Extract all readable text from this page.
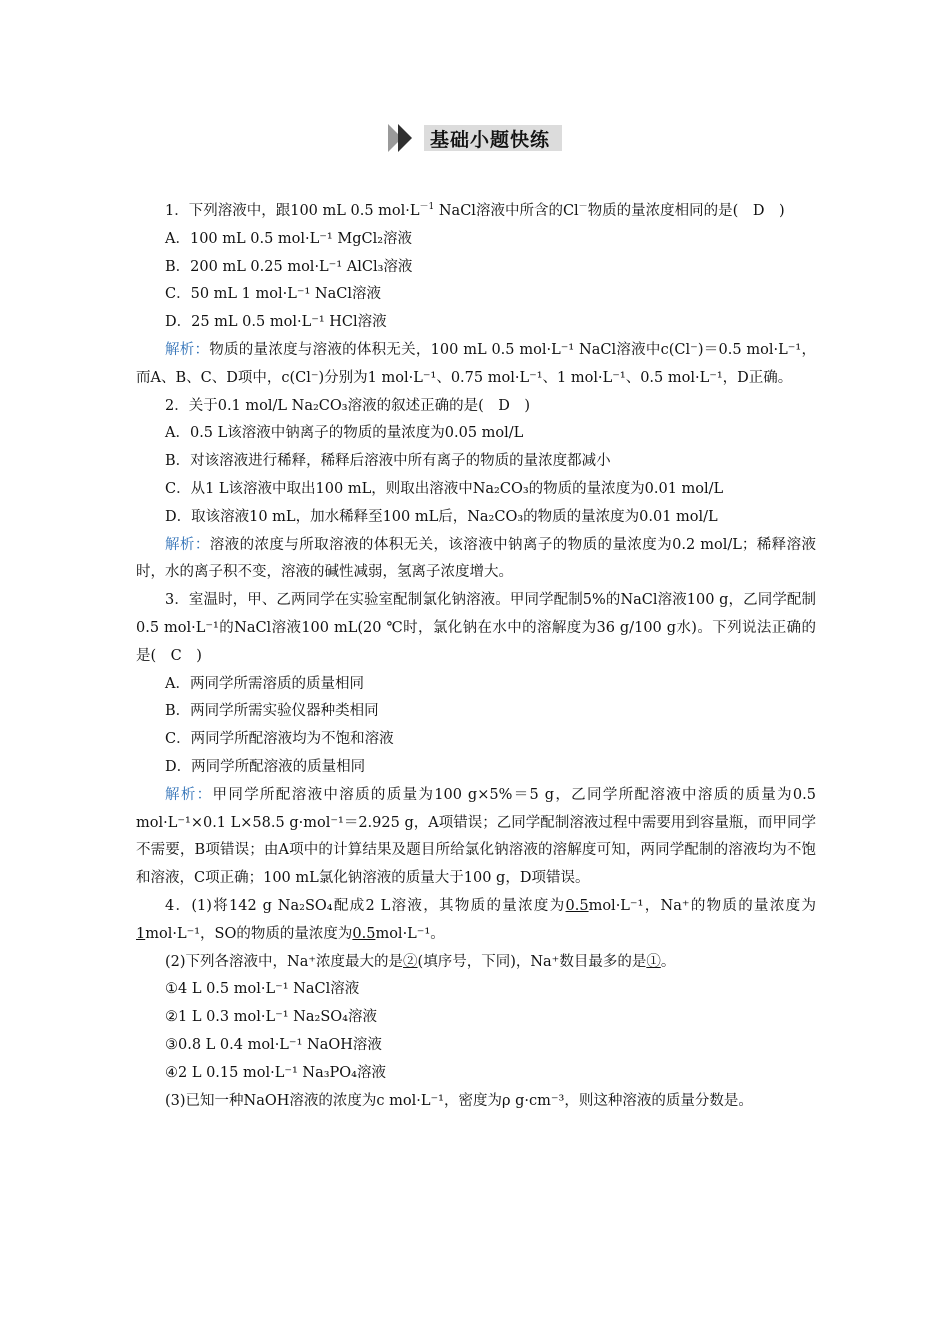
基础小题快练

1．下列溶液中，跟100 mL 0.5 $mol\cdot L^{-1}$ NaCl溶液中所含的Cl－物质的量浓度相同的是(　D　)

A．100 mL 0.5 mol·L⁻¹ MgCl₂溶液

B．200 mL 0.25 mol·L⁻¹ AlCl₃溶液

C．50 mL 1 mol·L⁻¹ NaCl溶液

D．25 mL 0.5 mol·L⁻¹ HCl溶液

解析：物质的量浓度与溶液的体积无关，100 mL 0.5 mol·L⁻¹ NaCl溶液中c(Cl⁻)＝0.5 mol·L⁻¹，而A、B、C、D项中，c(Cl⁻)分别为1 mol·L⁻¹、0.75 mol·L⁻¹、1 mol·L⁻¹、0.5 mol·L⁻¹，D正确。

2．关于0.1 mol/L Na₂CO₃溶液的叙述正确的是(　D　)

A．0.5 L该溶液中钠离子的物质的量浓度为0.05 mol/L

B．对该溶液进行稀释，稀释后溶液中所有离子的物质的量浓度都减小

C．从1 L该溶液中取出100 mL，则取出溶液中Na₂CO₃的物质的量浓度为0.01 mol/L

D．取该溶液10 mL，加水稀释至100 mL后，Na₂CO₃的物质的量浓度为0.01 mol/L

解析：溶液的浓度与所取溶液的体积无关，该溶液中钠离子的物质的量浓度为0.2 mol/L；稀释溶液时，水的离子积不变，溶液的碱性减弱，氢离子浓度增大。

3．室温时，甲、乙两同学在实验室配制氯化钠溶液。甲同学配制5%的NaCl溶液100 g，乙同学配制0.5 mol·L⁻¹的NaCl溶液100 mL(20 ℃时，氯化钠在水中的溶解度为36 g/100 g水)。下列说法正确的是(　C　)

A．两同学所需溶质的质量相同

B．两同学所需实验仪器种类相同

C．两同学所配溶液均为不饱和溶液

D．两同学所配溶液的质量相同

解析：甲同学所配溶液中溶质的质量为100 g×5%＝5 g，乙同学所配溶液中溶质的质量为0.5 mol·L⁻¹×0.1 L×58.5 g·mol⁻¹＝2.925 g，A项错误；乙同学配制溶液过程中需要用到容量瓶，而甲同学不需要，B项错误；由A项中的计算结果及题目所给氯化钠溶液的溶解度可知，两同学配制的溶液均为不饱和溶液，C项正确；100 mL氯化钠溶液的质量大于100 g，D项错误。

4．(1)将142 g Na₂SO₄配成2 L溶液，其物质的量浓度为0.5mol·L⁻¹，Na⁺的物质的量浓度为1mol·L⁻¹，SO的物质的量浓度为0.5mol·L⁻¹。

(2)下列各溶液中，Na⁺浓度最大的是②(填序号，下同)，Na⁺数目最多的是①。

①4 L 0.5 mol·L⁻¹ NaCl溶液

②1 L 0.3 mol·L⁻¹ Na₂SO₄溶液

③0.8 L 0.4 mol·L⁻¹ NaOH溶液

④2 L 0.15 mol·L⁻¹ Na₃PO₄溶液

(3)已知一种NaOH溶液的浓度为c mol·L⁻¹，密度为ρ g·cm⁻³，则这种溶液的质量分数是。
